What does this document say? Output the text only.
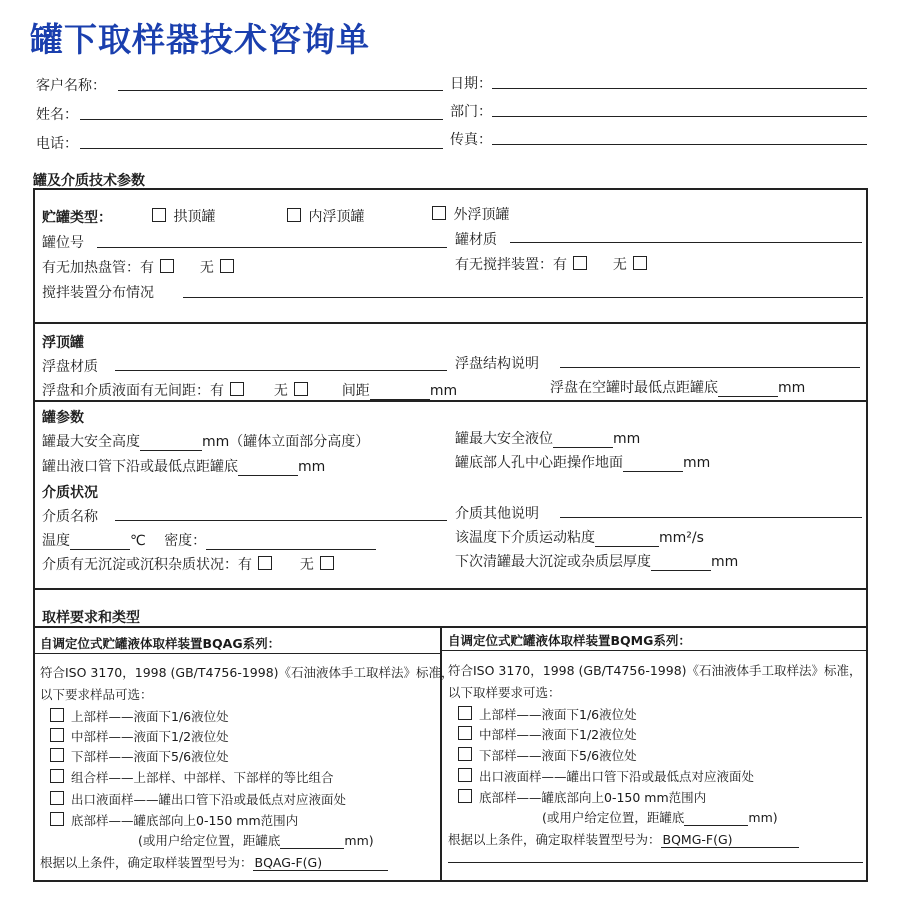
罐下取样器技术咨询单
客户名称：	日期：
姓名：	部门：
电话：	传真：
罐及介质技术参数
贮罐类型：	拱顶罐	内浮顶罐	外浮顶罐
罐位号	罐材质
有无加热盘管：有	无	有无搅拌装置：有	无
搅拌装置分布情况
浮顶罐
浮盘材质	浮盘结构说明
浮盘和介质液面有无间距：有	无	间距	mm	浮盘在空罐时最低点距罐底	mm
罐参数
罐最大安全高度	mm（罐体立面部分高度）	罐最大安全液位	mm
罐出液口管下沿或最低点距罐底	mm	罐底部人孔中心距操作地面	mm
介质状况
介质名称	介质其他说明
温度	℃ 密度：	该温度下介质运动粘度	mm²/s
介质有无沉淀或沉积杂质状况：有	无	下次清罐最大沉淀或杂质层厚度	mm
取样要求和类型
自调定位式贮罐液体取样装置BQAG系列：
符合ISO 3170，1998 (GB/T4756-1998)《石油液体手工取样法》标准，
以下要求样品可选：
上部样——液面下1/6液位处
中部样——液面下1/2液位处
下部样——液面下5/6液位处
组合样——上部样、中部样、下部样的等比组合
出口液面样——罐出口管下沿或最低点对应液面处
底部样——罐底部向上0-150 mm范围内
(或用户给定位置，距罐底	mm)
根据以上条件，确定取样装置型号为： BQAG-F(G)
自调定位式贮罐液体取样装置BQMG系列：
符合ISO 3170，1998 (GB/T4756-1998)《石油液体手工取样法》标准，
以下取样要求可选：
上部样——液面下1/6液位处
中部样——液面下1/2液位处
下部样——液面下5/6液位处
出口液面样——罐出口管下沿或最低点对应液面处
底部样——罐底部向上0-150 mm范围内
(或用户给定位置，距罐底	mm)
根据以上条件，确定取样装置型号为： BQMG-F(G)
